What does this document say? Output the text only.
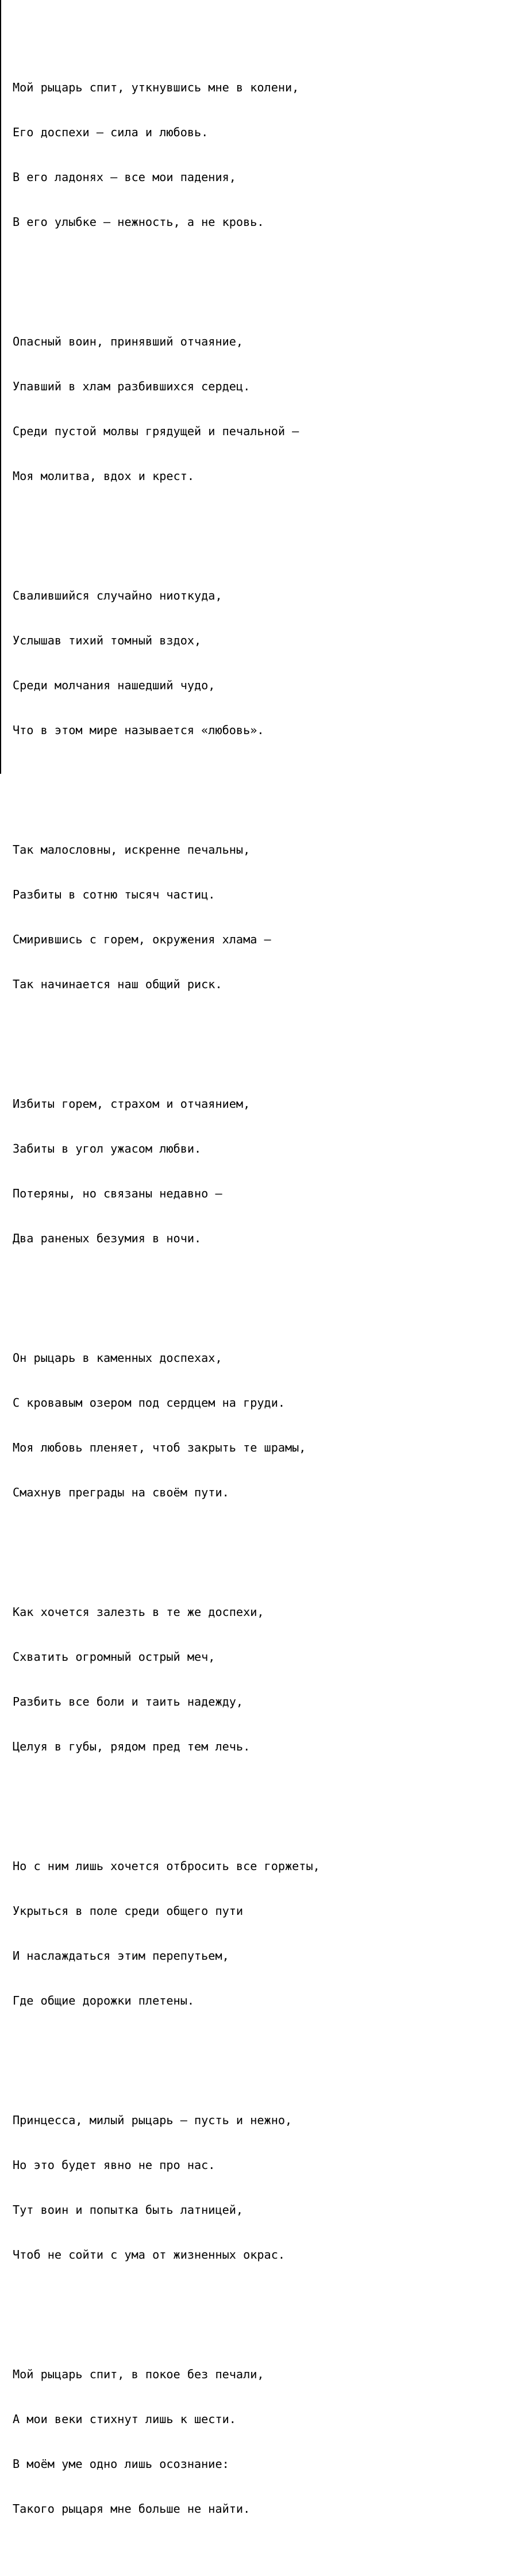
Мой рыцарь спит, уткнувшись мне в колени,

Его доспехи — сила и любовь.

В его ладонях — все мои падения,

В его улыбке — нежность, а не кровь.

Опасный воин, принявший отчаяние,

Упавший в хлам разбившихся сердец.

Среди пустой молвы грядущей и печальной —

Моя молитва, вдох и крест.

Свалившийся случайно ниоткуда,

Услышав тихий томный вздох,

Среди молчания нашедший чудо,

Что в этом мире называется «любовь».

Так малословны, искренне печальны,

Разбиты в сотню тысяч частиц.

Смирившись с горем, окружения хлама —

Так начинается наш общий риск.

Избиты горем, страхом и отчаянием,

Забиты в угол ужасом любви.

Потеряны, но связаны недавно —

Два раненых безумия в ночи.

Он рыцарь в каменных доспехах,

С кровавым озером под сердцем на груди.

Моя любовь пленяет, чтоб закрыть те шрамы,

Смахнув преграды на своём пути.

Как хочется залезть в те же доспехи,

Схватить огромный острый меч,

Разбить все боли и таить надежду,

Целуя в губы, рядом пред тем лечь.

Но с ним лишь хочется отбросить все горжеты,

Укрыться в поле среди общего пути

И наслаждаться этим перепутьем,

Где общие дорожки плетены.

Принцесса, милый рыцарь — пусть и нежно,

Но это будет явно не про нас.

Тут воин и попытка быть латницей,

Чтоб не сойти с ума от жизненных окрас.

Мой рыцарь спит, в покое без печали,

А мои веки стихнут лишь к шести.

В моём уме одно лишь осознание:

Такого рыцаря мне больше не найти.
